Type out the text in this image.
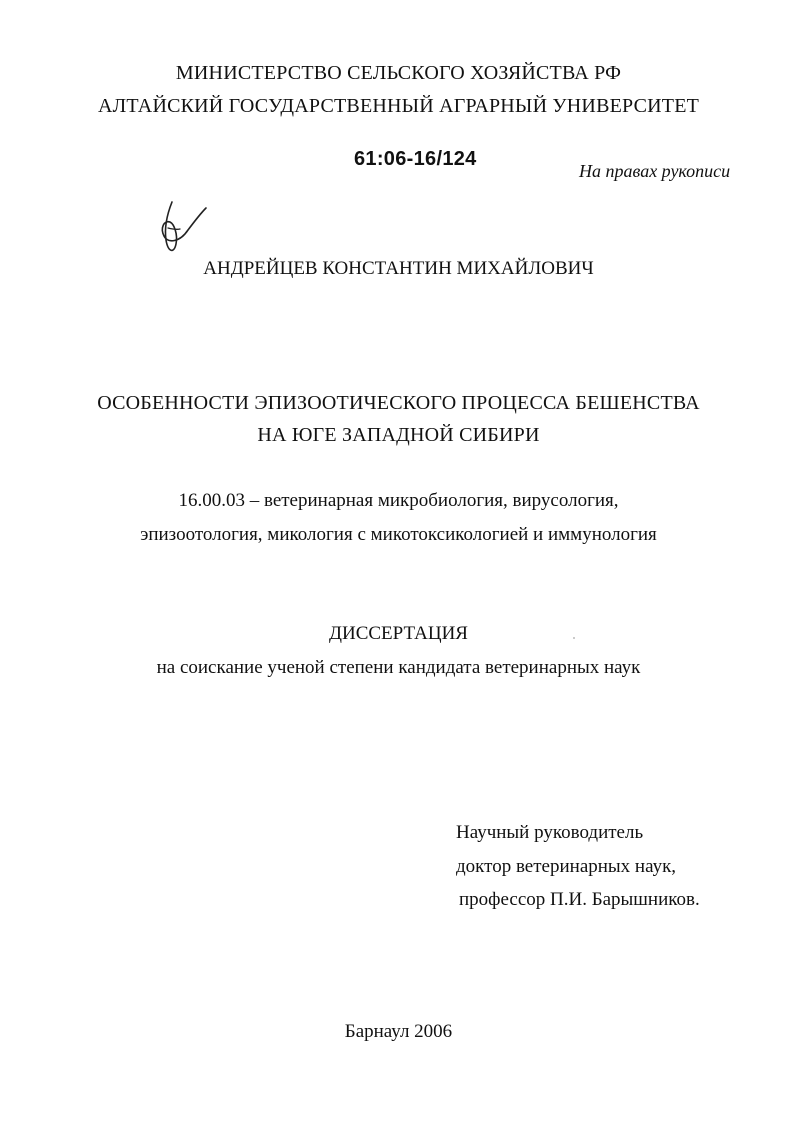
МИНИСТЕРСТВО СЕЛЬСКОГО ХОЗЯЙСТВА РФ
АЛТАЙСКИЙ ГОСУДАРСТВЕННЫЙ АГРАРНЫЙ УНИВЕРСИТЕТ
61:06-16/124
На правах рукописи
АНДРЕЙЦЕВ КОНСТАНТИН МИХАЙЛОВИЧ
ОСОБЕННОСТИ ЭПИЗООТИЧЕСКОГО ПРОЦЕССА БЕШЕНСТВА
НА ЮГЕ ЗАПАДНОЙ СИБИРИ
16.00.03 – ветеринарная микробиология, вирусология,
эпизоотология, микология с микотоксикологией и иммунология
ДИССЕРТАЦИЯ
на соискание ученой степени кандидата ветеринарных наук
Научный руководитель
доктор ветеринарных наук,
профессор П.И. Барышников.
Барнаул 2006
